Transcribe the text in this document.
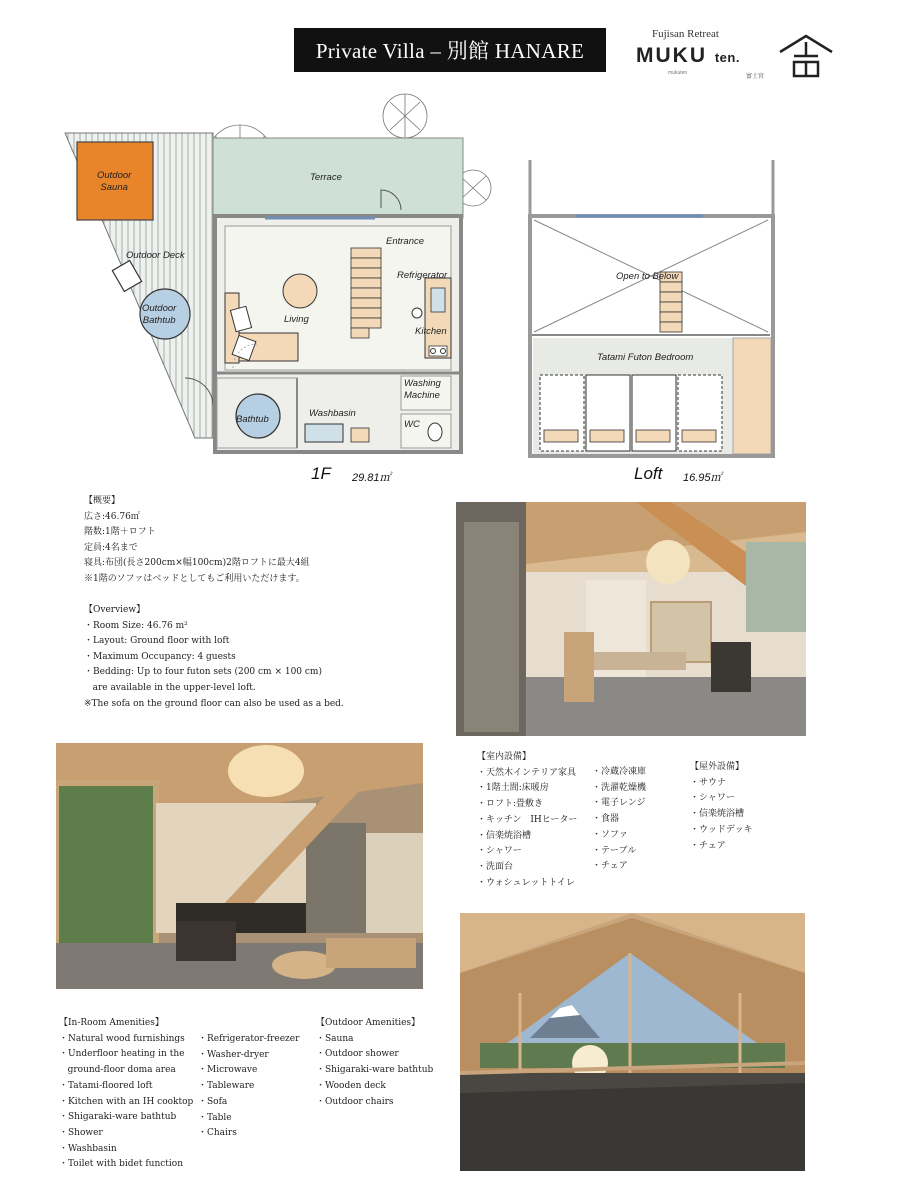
Private Villa – 別館 HANARE
Fujisan Retreat
MUKU ten.
mukuten	富士宮
Outdoor
Sauna
Terrace
Outdoor Deck
Outdoor
Bathtub
Entrance
Refrigerator
Living
Kitchen
Washing
Machine
Bathtub
Washbasin
WC
1F 29.81㎡
Open to Below
Tatami Futon Bedroom
Loft 16.95㎡
【概要】
広さ:46.76㎡
階数:1階＋ロフト
定員:4名まで
寝具:布団(長さ200cm×幅100cm)2階ロフトに最大4組
※1階のソファはベッドとしてもご利用いただけます。
【Overview】
・Room Size: 46.76 m²
・Layout: Ground floor with loft
・Maximum Occupancy: 4 guests
・Bedding: Up to four futon sets (200 cm × 100 cm)
are available in the upper-level loft.
※The sofa on the ground floor can also be used as a bed.
【室内設備】
・天然木インテリア家具
・1階土間:床暖房
・ロフト:畳敷き
・キッチン　IHヒーター
・信楽焼浴槽
・シャワー
・洗面台
・ウォシュレットトイレ
・冷蔵冷凍庫
・洗濯乾燥機
・電子レンジ
・食器
・ソファ
・テーブル
・チェア
【屋外設備】
・サウナ
・シャワー
・信楽焼浴槽
・ウッドデッキ
・チェア
【In-Room Amenities】
・Natural wood furnishings
・Underfloor heating in the
ground-floor doma area
・Tatami-floored loft
・Kitchen with an IH cooktop
・Shigaraki-ware bathtub
・Shower
・Washbasin
・Toilet with bidet function
・Refrigerator-freezer
・Washer-dryer
・Microwave
・Tableware
・Sofa
・Table
・Chairs
【Outdoor Amenities】
・Sauna
・Outdoor shower
・Shigaraki-ware bathtub
・Wooden deck
・Outdoor chairs
